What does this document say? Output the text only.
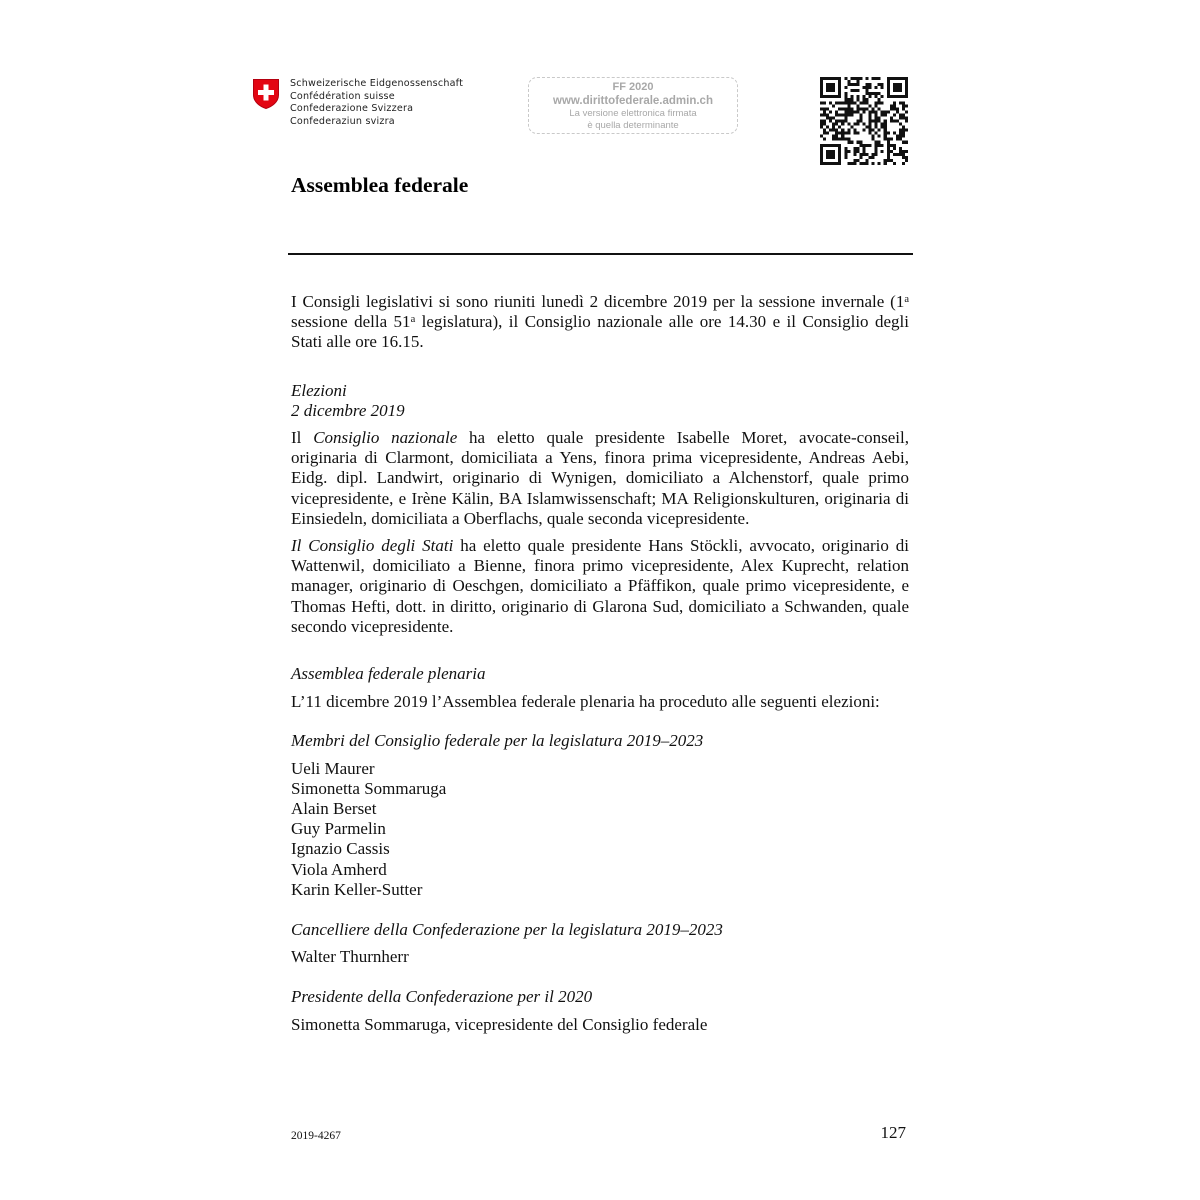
Schweizerische Eidgenossenschaft
Confédération suisse
Confederazione Svizzera
Confederaziun svizra
FF 2020
www.dirittofederale.admin.ch
La versione elettronica firmata
è quella determinante
Assemblea federale

I Consigli legislativi si sono riuniti lunedì 2 dicembre 2019 per la sessione invernale (1$^a$ sessione della 51$^a$ legislatura), il Consiglio nazionale alle ore 14.30 e il Consiglio degli Stati alle ore 16.15.

Elezioni

2 dicembre 2019

Il Consiglio nazionale ha eletto quale presidente Isabelle Moret, avocate-conseil, originaria di Clarmont, domiciliata a Yens, finora prima vicepresidente, Andreas Aebi, Eidg. dipl. Landwirt, originario di Wynigen, domiciliato a Alchenstorf, quale primo vicepresidente, e Irène Kälin, BA Islamwissenschaft; MA Religionskulturen, originaria di Einsiedeln, domiciliata a Oberflachs, quale seconda vicepresidente.

Il Consiglio degli Stati ha eletto quale presidente Hans Stöckli, avvocato, originario di Wattenwil, domiciliato a Bienne, finora primo vicepresidente, Alex Kuprecht, relation manager, originario di Oeschgen, domiciliato a Pfäffikon, quale primo vicepresidente, e Thomas Hefti, dott. in diritto, originario di Glarona Sud, domiciliato a Schwanden, quale secondo vicepresidente.

Assemblea federale plenaria

L’11 dicembre 2019 l’Assemblea federale plenaria ha proceduto alle seguenti elezioni:

Membri del Consiglio federale per la legislatura 2019–2023

Ueli Maurer
Simonetta Sommaruga
Alain Berset
Guy Parmelin
Ignazio Cassis
Viola Amherd
Karin Keller-Sutter

Cancelliere della Confederazione per la legislatura 2019–2023

Walter Thurnherr

Presidente della Confederazione per il 2020

Simonetta Sommaruga, vicepresidente del Consiglio federale

2019-4267	127
